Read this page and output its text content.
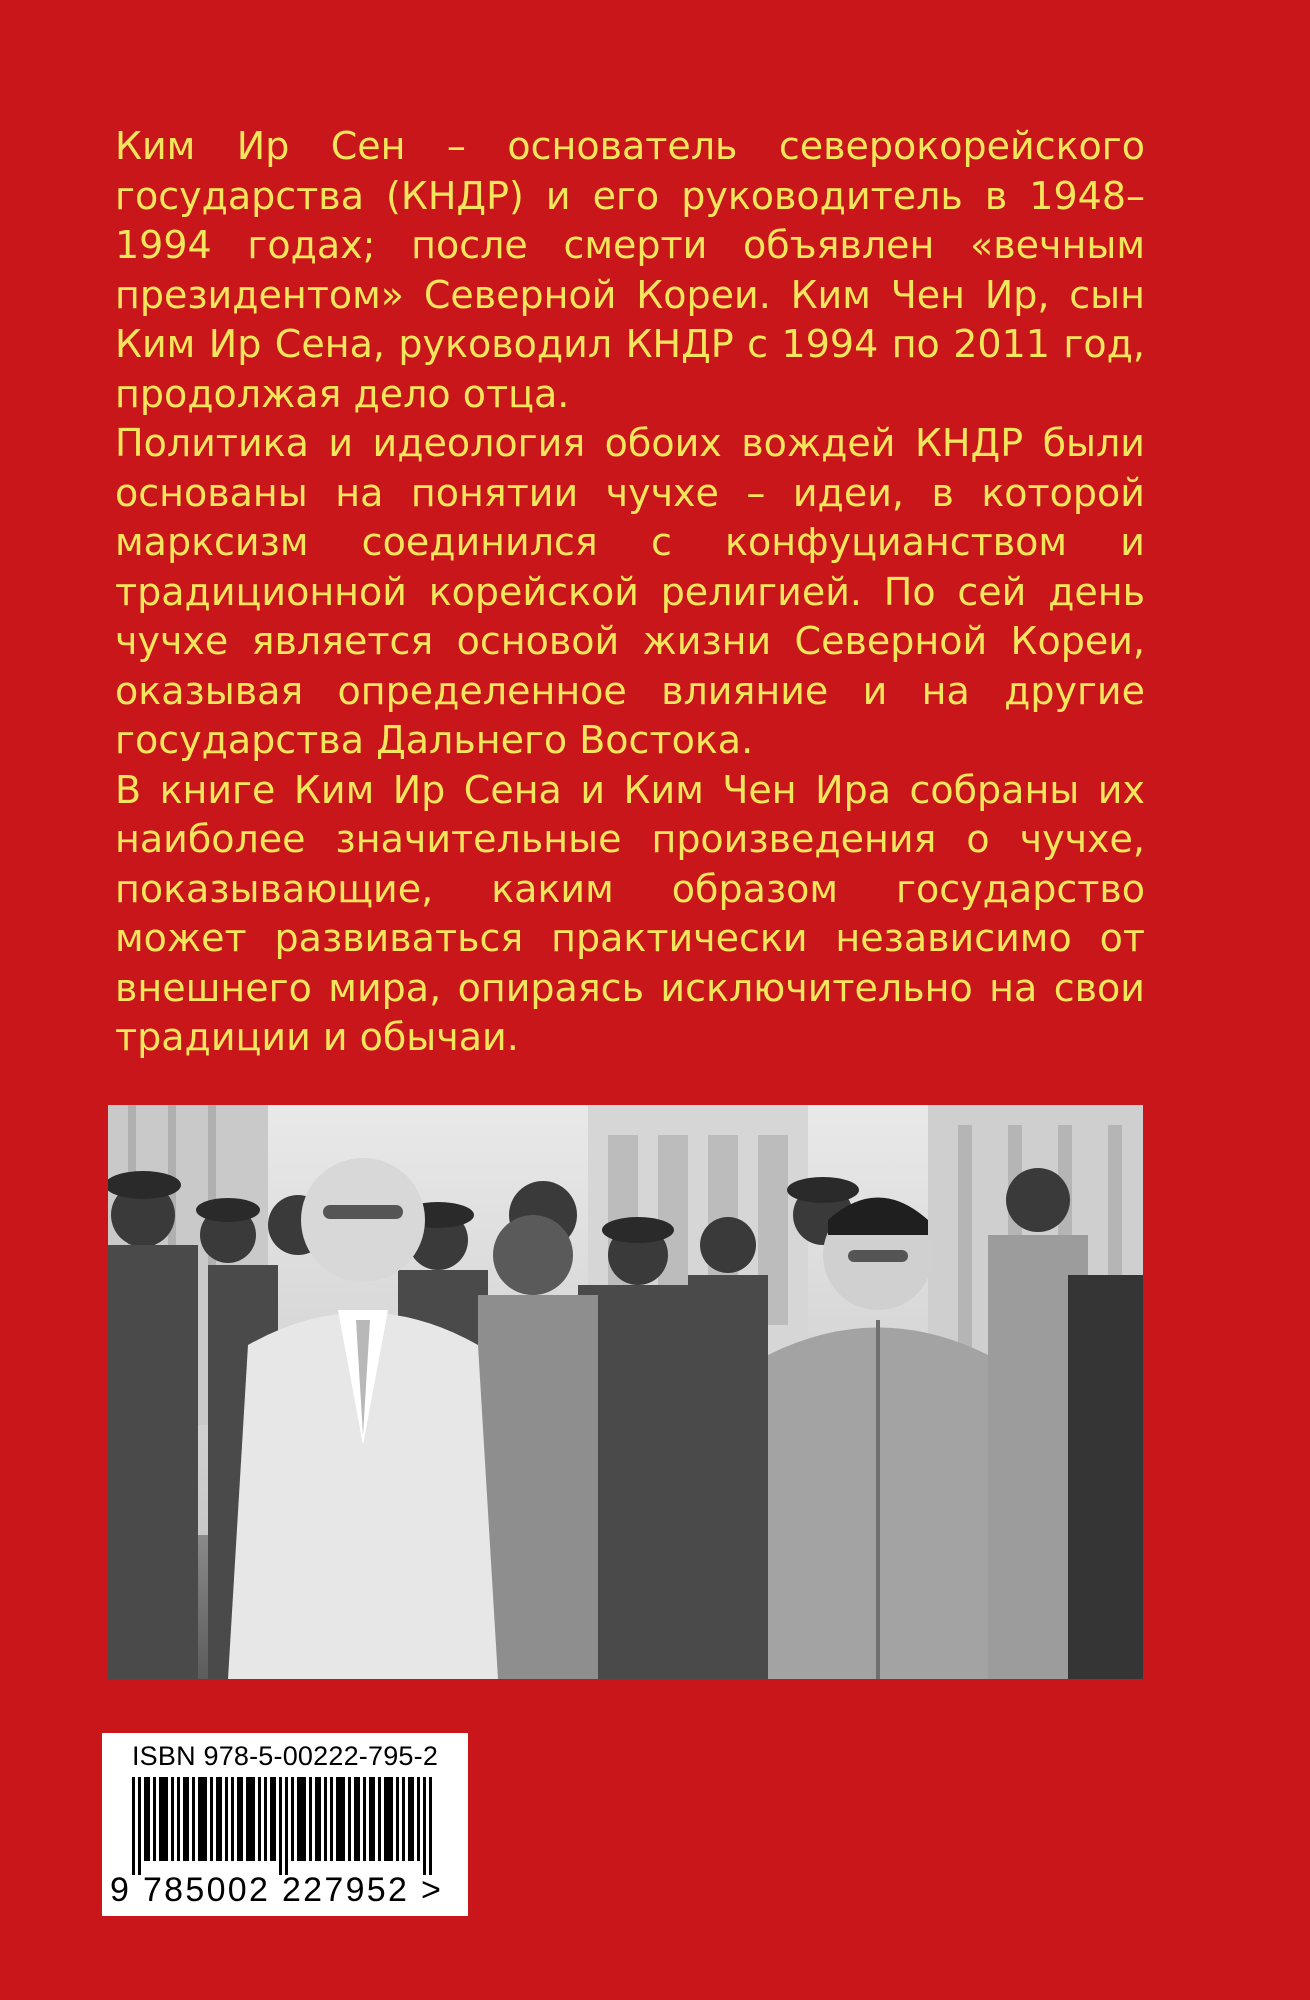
Ким Ир Сен – основатель северокорейского государства (КНДР) и его руководитель в 1948–1994 годах; после смерти объявлен «вечным президентом» Северной Кореи. Ким Чен Ир, сын Ким Ир Сена, руководил КНДР с 1994 по 2011 год, продолжая дело отца.

Политика и идеология обоих вождей КНДР были основаны на понятии чучхе – идеи, в которой марксизм соединился с конфуцианством и традиционной корейской религией. По сей день чучхе является основой жизни Северной Кореи, оказывая определенное влияние и на другие государства Дальнего Востока.

В книге Ким Ир Сена и Ким Чен Ира собраны их наиболее значительные произведения о чучхе, показывающие, каким образом государство может развиваться практически независимо от внешнего мира, опираясь исключительно на свои традиции и обычаи.

ISBN 978-5-00222-795-2
9 785002 227952 >
